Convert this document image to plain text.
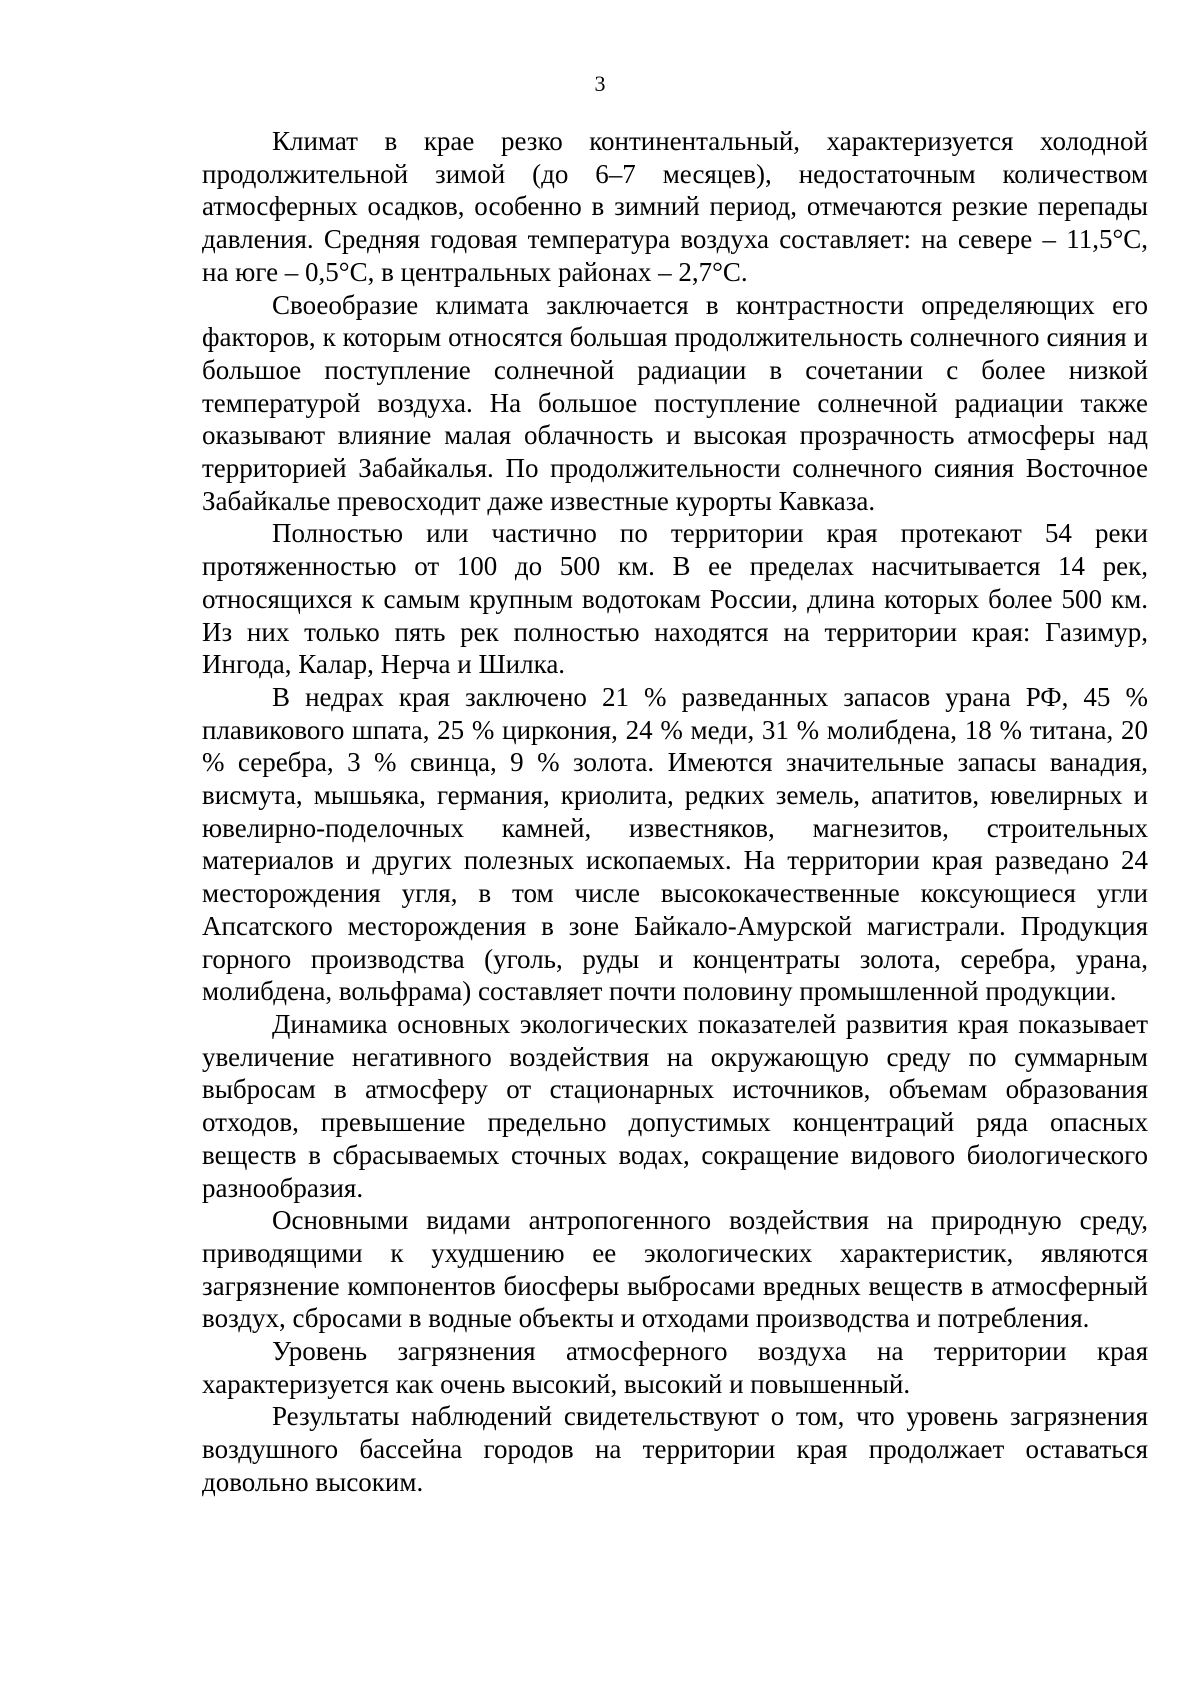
3

Климат в крае резко континентальный, характеризуется холодной продолжительной зимой (до 6–7 месяцев), недостаточным количеством атмосферных осадков, особенно в зимний период, отмечаются резкие перепады давления. Средняя годовая температура воздуха составляет: на севере – 11,5°С, на юге – 0,5°С, в центральных районах – 2,7°С.

Своеобразие климата заключается в контрастности определяющих его факторов, к которым относятся большая продолжительность солнечного сияния и большое поступление солнечной радиации в сочетании с более низкой температурой воздуха. На большое поступление солнечной радиации также оказывают влияние малая облачность и высокая прозрачность атмосферы над территорией Забайкалья. По продолжительности солнечного сияния Восточное Забайкалье превосходит даже известные курорты Кавказа.

Полностью или частично по территории края протекают 54 реки протяженностью от 100 до 500 км. В ее пределах насчитывается 14 рек, относящихся к самым крупным водотокам России, длина которых более 500 км. Из них только пять рек полностью находятся на территории края: Газимур, Ингода, Калар, Нерча и Шилка.

В недрах края заключено 21 % разведанных запасов урана РФ, 45 % плавикового шпата, 25 % циркония, 24 % меди, 31 % молибдена, 18 % титана, 20 % серебра, 3 % свинца, 9 % золота. Имеются значительные запасы ванадия, висмута, мышьяка, германия, криолита, редких земель, апатитов, ювелирных и ювелирно-поделочных камней, известняков, магнезитов, строительных материалов и других полезных ископаемых. На территории края разведано 24 месторождения угля, в том числе высококачественные коксующиеся угли Апсатского месторождения в зоне Байкало-Амурской магистрали. Продукция горного производства (уголь, руды и концентраты золота, серебра, урана, молибдена, вольфрама) составляет почти половину промышленной продукции.

Динамика основных экологических показателей развития края показывает увеличение негативного воздействия на окружающую среду по суммарным выбросам в атмосферу от стационарных источников, объемам образования отходов, превышение предельно допустимых концентраций ряда опасных веществ в сбрасываемых сточных водах, сокращение видового биологического разнообразия.

Основными видами антропогенного воздействия на природную среду, приводящими к ухудшению ее экологических характеристик, являются загрязнение компонентов биосферы выбросами вредных веществ в атмосферный воздух, сбросами в водные объекты и отходами производства и потребления.

Уровень загрязнения атмосферного воздуха на территории края характеризуется как очень высокий, высокий и повышенный.

Результаты наблюдений свидетельствуют о том, что уровень загрязнения воздушного бассейна городов на территории края продолжает оставаться довольно высоким.
